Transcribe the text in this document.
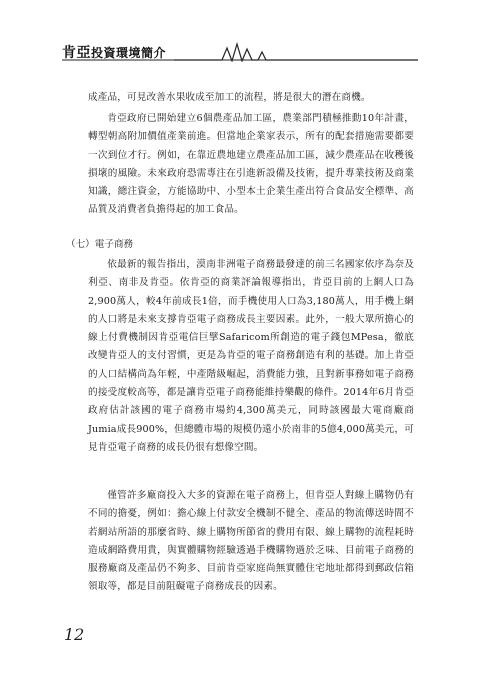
肯亞投資環境簡介

成產品，可見改善水果收成至加工的流程，將是很大的潛在商機。

肯亞政府已開始建立6個農產品加工區，農業部門積極推動10年計畫，轉型朝高附加價值產業前進。但當地企業家表示，所有的配套措施需要都要一次到位才行。例如，在靠近農地建立農產品加工區，減少農產品在收穫後損壞的風險。未來政府恐需專注在引進新設備及技術，提升專業技術及商業知識，總注資金，方能協助中、小型本土企業生產出符合食品安全標準、高品質及消費者負擔得起的加工食品。

（七）電子商務

依最新的報告指出，漠南非洲電子商務最發達的前三名國家依序為奈及利亞、南非及肯亞。依肯亞的商業評論報導指出，肯亞目前的上網人口為2,900萬人，較4年前成長1倍，而手機使用人口為3,180萬人，用手機上網的人口將是未來支撐肯亞電子商務成長主要因素。此外，一般大眾所擔心的線上付費機制因肯亞電信巨擘Safaricom所創造的電子錢包MPesa，徹底改變肯亞人的支付習慣，更是為肯亞的電子商務創造有利的基礎。加上肯亞的人口結構尚為年輕，中產階級崛起，消費能力強，且對新事務如電子商務的接受度較高等，都是讓肯亞電子商務能維持樂觀的條件。2014年6月肯亞政府估計該國的電子商務市場約4,300萬美元，同時該國最大電商廠商Jumia成長900%，但總體市場的規模仍遠小於南非的5億4,000萬美元，可見肯亞電子商務的成長仍很有想像空間。

僅管許多廠商投入大多的資源在電子商務上，但肯亞人對線上購物仍有不同的擔憂，例如：擔心線上付款安全機制不健全、產品的物流傳送時間不若網站所語的那麼省時、線上購物所節省的費用有限、線上購物的流程耗時造成網路費用貴，與實體購物經驗透過手機購物過於乏味、目前電子商務的服務廠商及產品仍不夠多、目前肯亞家庭尚無實體住宅地址都得到郵政信箱領取等，都是目前阻礙電子商務成長的因素。

12
